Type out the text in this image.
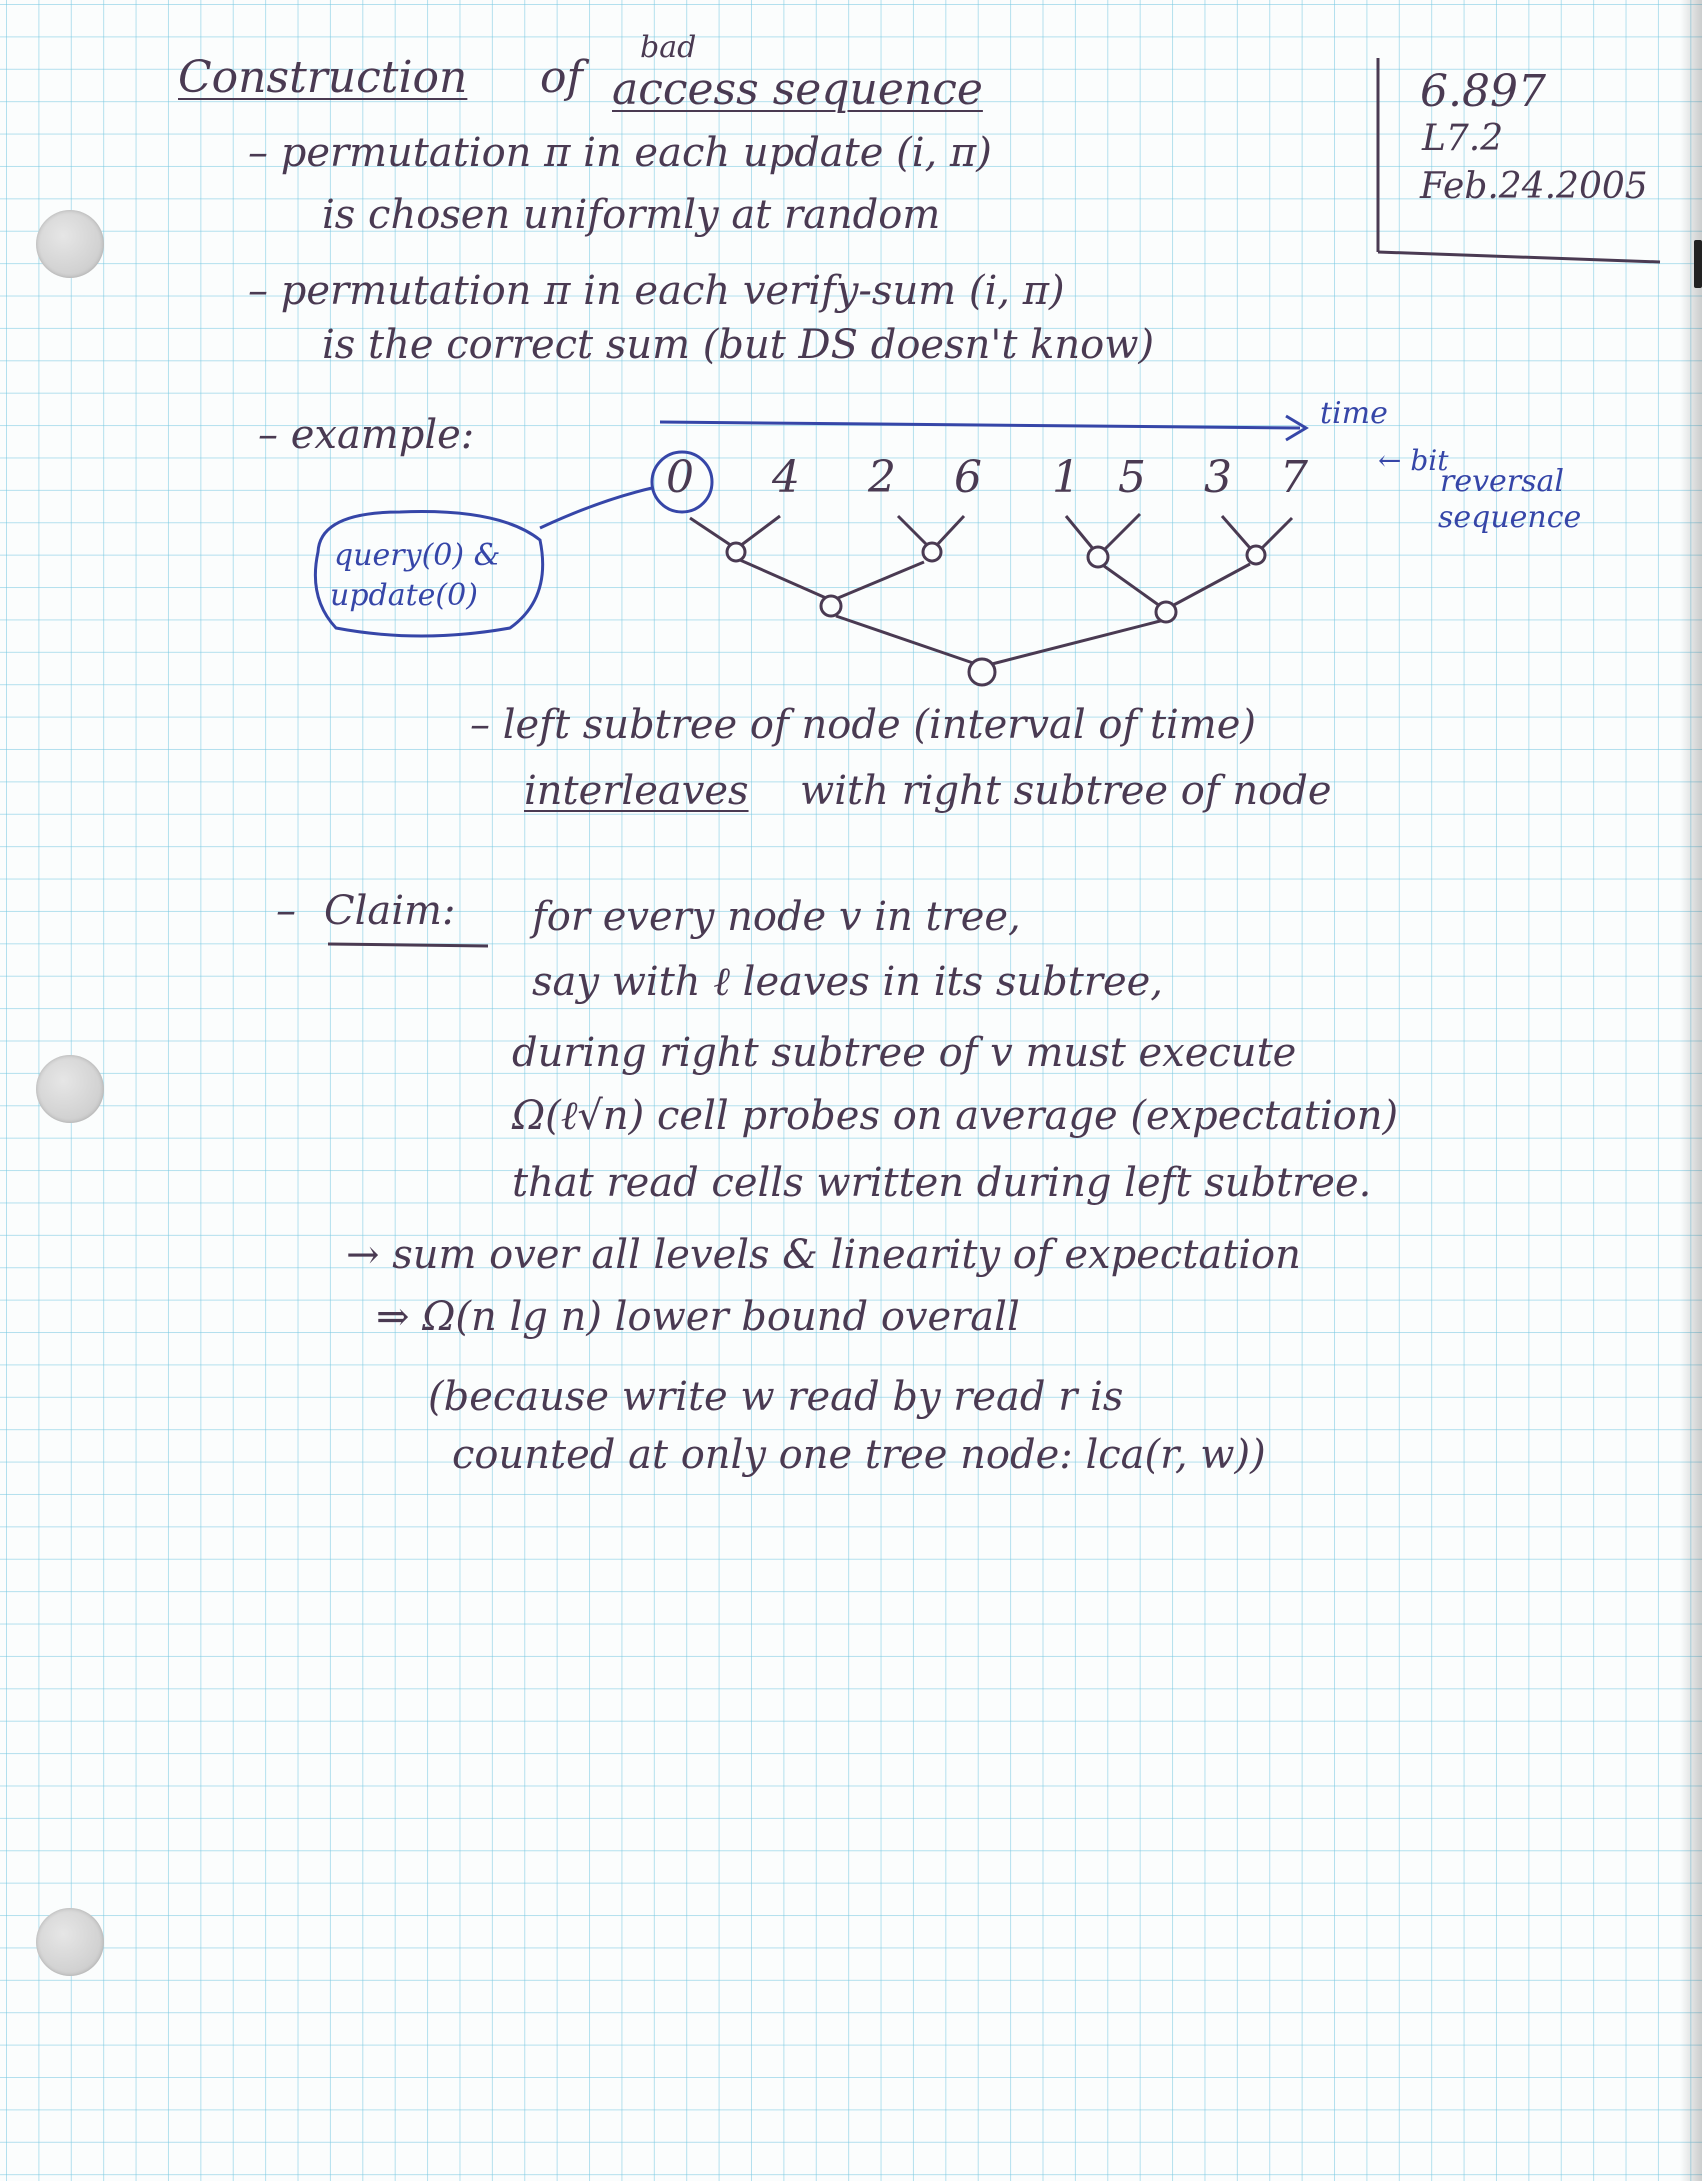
Construction of
bad
access sequence	6.897
L7.2
Feb.24.2005
– permutation π in each update (i, π)
is chosen uniformly at random
– permutation π in each verify-sum (i, π)
is the correct sum (but DS doesn't know)
– example:
0 4 2 6 1 5 3 7
time
← bit
reversal
sequence
query(0) &
update(0)
– left subtree of node (interval of time)
interleaves with right subtree of node
– Claim: for every node v in tree,
say with ℓ leaves in its subtree,
during right subtree of v must execute
Ω(ℓ√n) cell probes on average (expectation)
that read cells written during left subtree.
→ sum over all levels & linearity of expectation
⇒ Ω(n lg n) lower bound overall
(because write w read by read r is
counted at only one tree node: lca(r, w))
